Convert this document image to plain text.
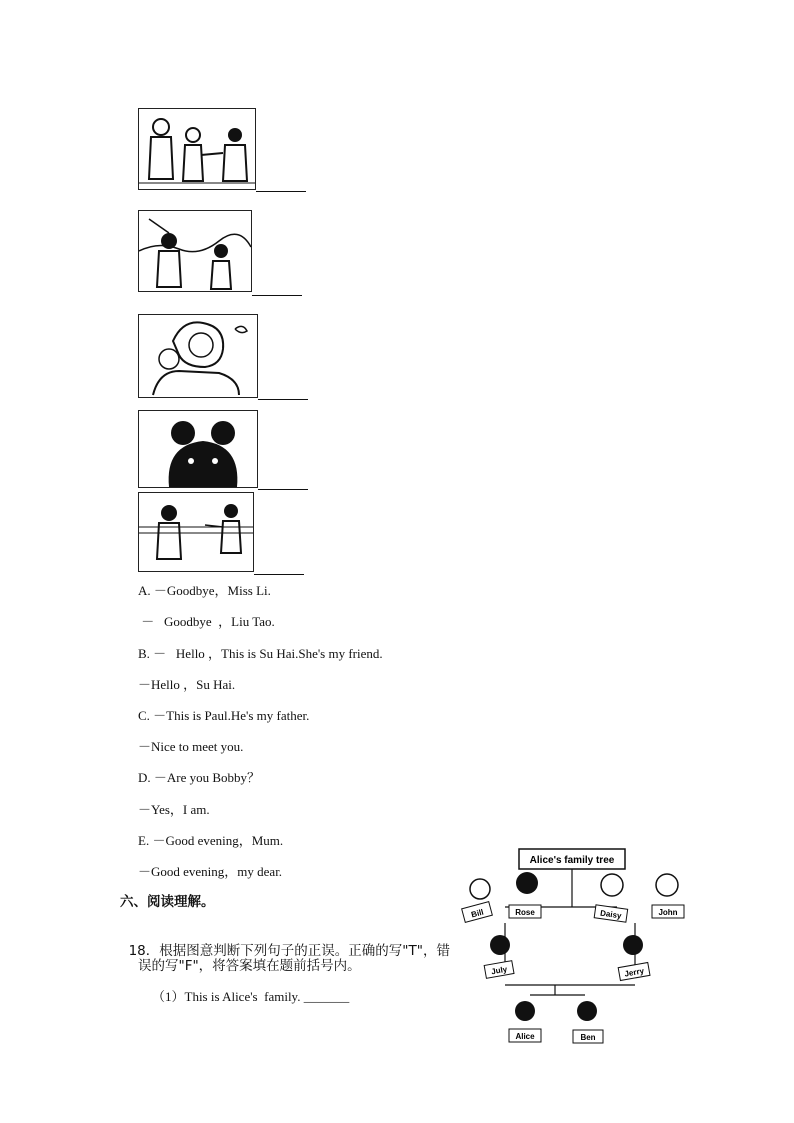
A. －Goodbye，Miss Li.
－   Goodbye  ，Liu Tao.
B. －   Hello ，This is Su Hai.She's my friend.
－Hello ，Su Hai.
C. －This is Paul.He's my father.
－Nice to meet you.
D. －Are you Bobby？
－Yes，I am.
E. －Good evening，Mum.
－Good evening，my dear.
六、阅读理解。

18．根据图意判断下列句子的正误。正确的写"T"，错

误的写"F"，将答案填在题前括号内。
（1）This is Alice's  family. _______
Alice's family tree
Bill	Rose	Daisy	John
July	Jerry
Alice	Ben
